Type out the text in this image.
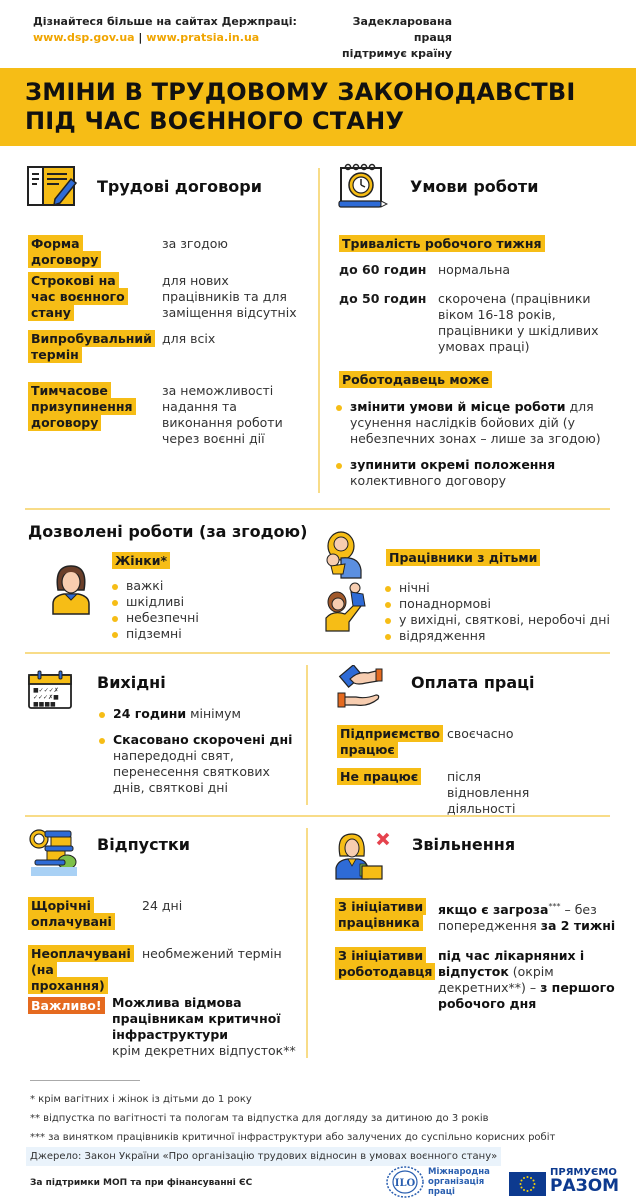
Дізнайтеся більше на сайтах Держпраці:
www.dsp.gov.ua | www.pratsia.in.ua
Задекларована праця
підтримує країну
ЗМІНИ В ТРУДОВОМУ ЗАКОНОДАВСТВІ
ПІД ЧАС ВОЄННОГО СТАНУ
Трудові договори
Форма договору
за згодою
Строкові на час воєнного стану
для нових працівників та для заміщення відсутніх
Випробувальний термін
для всіх
Тимчасове призупинення договору
за неможливості надання та виконання роботи через воєнні дії
Умови роботи
Тривалість робочого тижня
до 60 годин нормальна
до 50 годин скорочена (працівники віком 16-18 років, працівники у шкідливих умовах праці)
Роботодавець може
змінити умови й місце роботи для усунення наслідків бойових дій (у небезпечних зонах – лише за згодою)
зупинити окремі положення колективного договору
Дозволені роботи (за згодою)
Жінки*
важкі
шкідливі
небезпечні
підземні
Працівники з дітьми
нічні
понаднормові
у вихідні, святкові, неробочі дні
відрядження
■✓✓✓✗
✓✓✓✗■
■■■■
Вихідні
24 години мінімум
Скасовано скорочені дні напередодні свят, перенесення святкових днів, святкові дні
Оплата праці
Підприємство працює
своєчасно
Не працює після відновлення діяльності
Відпустки
Щорічні оплачувані
24 дні
Неоплачувані (на прохання)
необмежений термін
Важливо! Можлива відмова працівникам критичної інфраструктури
крім декретних відпусток**
Звільнення
З ініціативи працівника
якщо є загроза*** – без попередження за 2 тижні
З ініціативи роботодавця
під час лікарняних і відпусток (окрім декретних**) – з першого робочого дня
* крім вагітних і жінок із дітьми до 1 року
** відпустка по вагітності та пологам та відпустка для догляду за дитиною до 3 років
*** за винятком працівників критичної інфраструктури або залучених до суспільно корисних робіт
Джерело: Закон України «Про організацію трудових відносин в умовах воєнного стану»
За підтримки МОП та при фінансуванні ЄС	ILO
Міжнародна
організація
праці
ПРЯМУЄМО
РАЗОМ
